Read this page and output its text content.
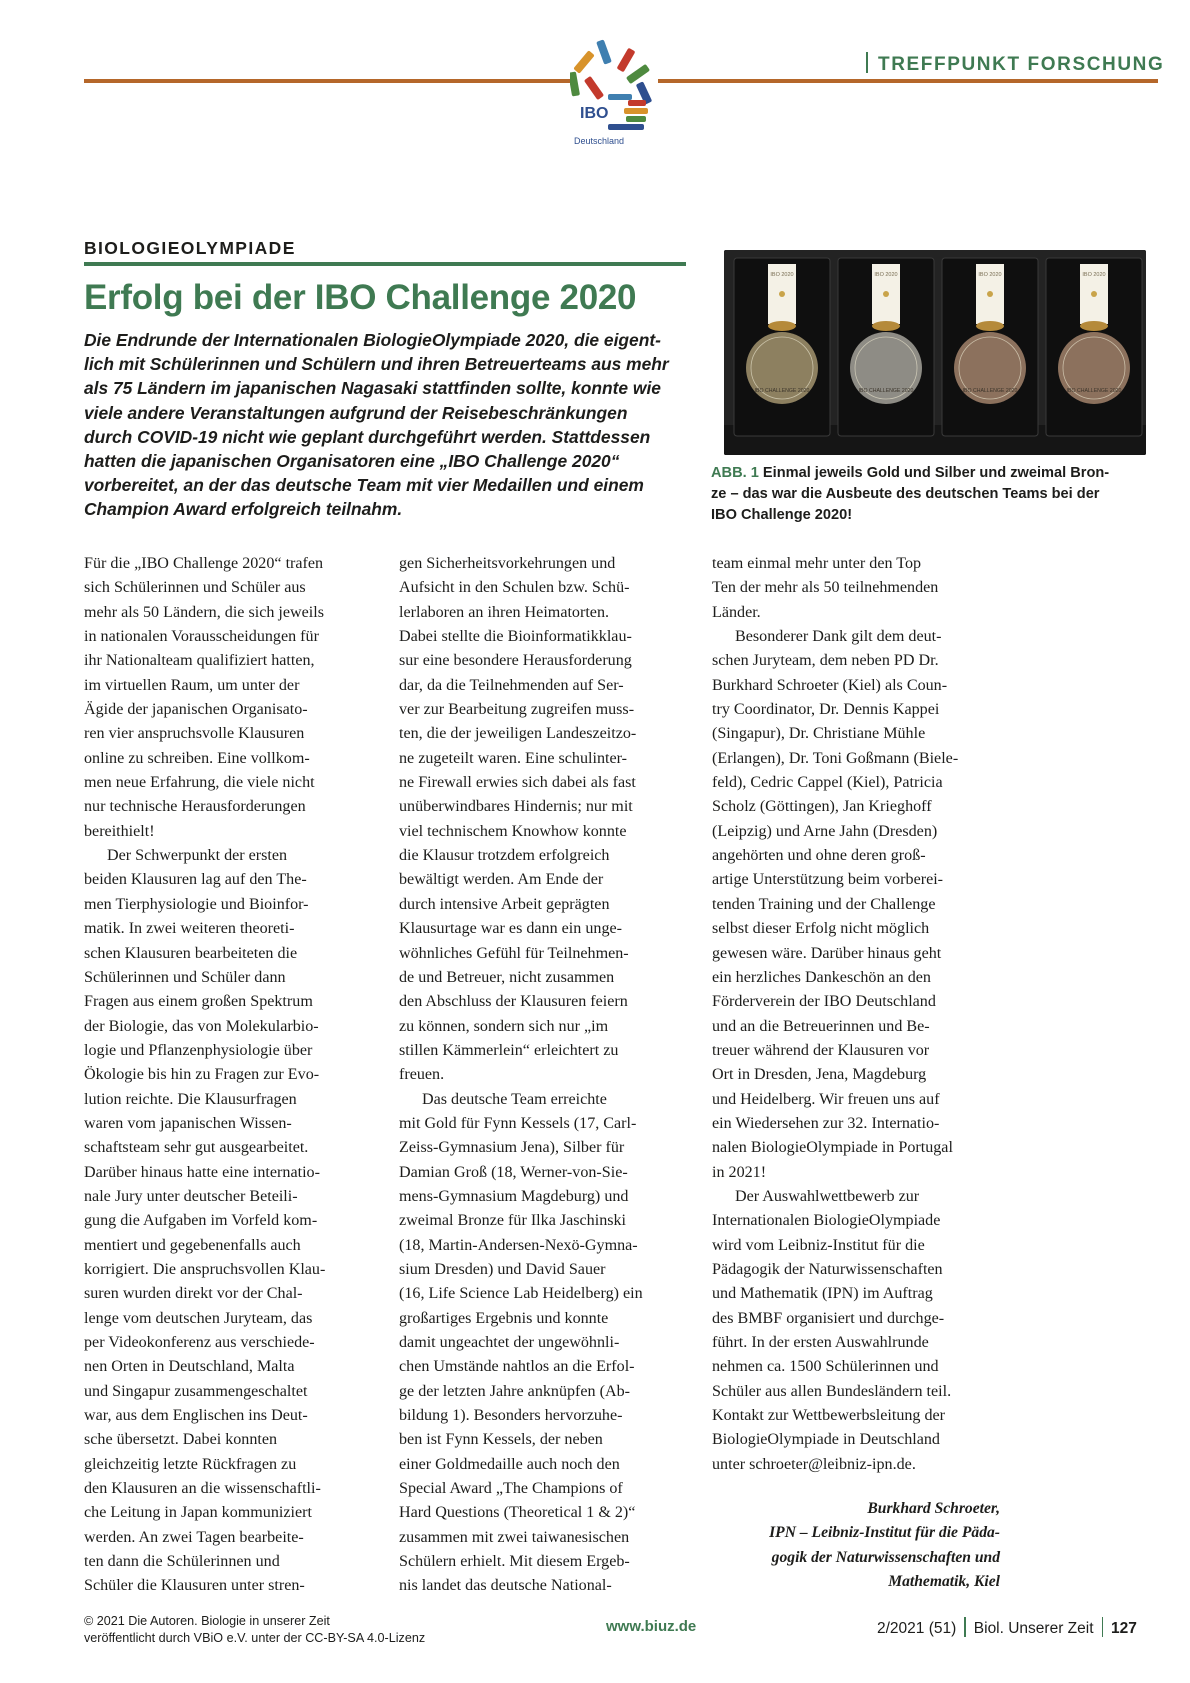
TREFFPUNKT FORSCHUNG
IBO
Deutschland
BIOLOGIEOLYMPIADE
Erfolg bei der IBO Challenge 2020
Die Endrunde der Internationalen BiologieOlympiade 2020, die eigent-
lich mit Schülerinnen und Schülern und ihren Betreuerteams aus mehr
als 75 Ländern im japanischen Nagasaki stattfinden sollte, konnte wie
viele andere Veranstaltungen aufgrund der Reisebeschränkungen
durch COVID-19 nicht wie geplant durchgeführt werden. Stattdessen
hatten die japanischen Organisatoren eine „IBO Challenge 2020“
vorbereitet, an der das deutsche Team mit vier Medaillen und einem
Champion Award erfolgreich teilnahm.
IBO 2020
IBO CHALLENGE 2020
IBO 2020
IBO CHALLENGE 2020
IBO 2020
IBO CHALLENGE 2020
IBO 2020
IBO CHALLENGE 2020
ABB. 1 Einmal jeweils Gold und Silber und zweimal Bron-
ze – das war die Ausbeute des deutschen Teams bei der
IBO Challenge 2020!
Für die „IBO Challenge 2020“ trafen
sich Schülerinnen und Schüler aus
mehr als 50 Ländern, die sich jeweils
in nationalen Vorausscheidungen für
ihr Nationalteam qualifiziert hatten,
im virtuellen Raum, um unter der
Ägide der japanischen Organisato-
ren vier anspruchsvolle Klausuren
online zu schreiben. Eine vollkom-
men neue Erfahrung, die viele nicht
nur technische Herausforderungen
bereithielt!
Der Schwerpunkt der ersten
beiden Klausuren lag auf den The-
men Tierphysiologie und Bioinfor-
matik. In zwei weiteren theoreti-
schen Klausuren bearbeiteten die
Schülerinnen und Schüler dann
Fragen aus einem großen Spektrum
der Biologie, das von Molekularbio-
logie und Pflanzenphysiologie über
Ökologie bis hin zu Fragen zur Evo-
lution reichte. Die Klausurfragen
waren vom japanischen Wissen-
schaftsteam sehr gut ausgearbeitet.
Darüber hinaus hatte eine internatio-
nale Jury unter deutscher Beteili-
gung die Aufgaben im Vorfeld kom-
mentiert und gegebenenfalls auch
korrigiert. Die anspruchsvollen Klau-
suren wurden direkt vor der Chal-
lenge vom deutschen Juryteam, das
per Videokonferenz aus verschiede-
nen Orten in Deutschland, Malta
und Singapur zusammengeschaltet
war, aus dem Englischen ins Deut-
sche übersetzt. Dabei konnten
gleichzeitig letzte Rückfragen zu
den Klausuren an die wissenschaftli-
che Leitung in Japan kommuniziert
werden. An zwei Tagen bearbeite-
ten dann die Schülerinnen und
Schüler die Klausuren unter stren-
gen Sicherheitsvorkehrungen und
Aufsicht in den Schulen bzw. Schü-
lerlaboren an ihren Heimatorten.
Dabei stellte die Bioinformatikklau-
sur eine besondere Herausforderung
dar, da die Teilnehmenden auf Ser-
ver zur Bearbeitung zugreifen muss-
ten, die der jeweiligen Landeszeitzo-
ne zugeteilt waren. Eine schulinter-
ne Firewall erwies sich dabei als fast
unüberwindbares Hindernis; nur mit
viel technischem Knowhow konnte
die Klausur trotzdem erfolgreich
bewältigt werden. Am Ende der
durch intensive Arbeit geprägten
Klausurtage war es dann ein unge-
wöhnliches Gefühl für Teilnehmen-
de und Betreuer, nicht zusammen
den Abschluss der Klausuren feiern
zu können, sondern sich nur „im
stillen Kämmerlein“ erleichtert zu
freuen.
Das deutsche Team erreichte
mit Gold für Fynn Kessels (17, Carl-
Zeiss-Gymnasium Jena), Silber für
Damian Groß (18, Werner-von-Sie-
mens-Gymnasium Magdeburg) und
zweimal Bronze für Ilka Jaschinski
(18, Martin-Andersen-Nexö-Gymna-
sium Dresden) und David Sauer
(16, Life Science Lab Heidelberg) ein
großartiges Ergebnis und konnte
damit ungeachtet der ungewöhnli-
chen Umstände nahtlos an die Erfol-
ge der letzten Jahre anknüpfen (Ab-
bildung 1). Besonders hervorzuhe-
ben ist Fynn Kessels, der neben
einer Goldmedaille auch noch den
Special Award „The Champions of
Hard Questions (Theoretical 1 & 2)“
zusammen mit zwei taiwanesischen
Schülern erhielt. Mit diesem Ergeb-
nis landet das deutsche National-
team einmal mehr unter den Top
Ten der mehr als 50 teilnehmenden
Länder.
Besonderer Dank gilt dem deut-
schen Juryteam, dem neben PD Dr.
Burkhard Schroeter (Kiel) als Coun-
try Coordinator, Dr. Dennis Kappei
(Singapur), Dr. Christiane Mühle
(Erlangen), Dr. Toni Goßmann (Biele-
feld), Cedric Cappel (Kiel), Patricia
Scholz (Göttingen), Jan Krieghoff
(Leipzig) und Arne Jahn (Dresden)
angehörten und ohne deren groß-
artige Unterstützung beim vorberei-
tenden Training und der Challenge
selbst dieser Erfolg nicht möglich
gewesen wäre. Darüber hinaus geht
ein herzliches Dankeschön an den
Förderverein der IBO Deutschland
und an die Betreuerinnen und Be-
treuer während der Klausuren vor
Ort in Dresden, Jena, Magdeburg
und Heidelberg. Wir freuen uns auf
ein Wiedersehen zur 32. Internatio-
nalen BiologieOlympiade in Portugal
in 2021!
Der Auswahlwettbewerb zur
Internationalen BiologieOlympiade
wird vom Leibniz-Institut für die
Pädagogik der Naturwissenschaften
und Mathematik (IPN) im Auftrag
des BMBF organisiert und durchge-
führt. In der ersten Auswahlrunde
nehmen ca. 1500 Schülerinnen und
Schüler aus allen Bundesländern teil.
Kontakt zur Wettbewerbsleitung der
BiologieOlympiade in Deutschland
unter schroeter@leibniz-ipn.de.
Burkhard Schroeter,
IPN – Leibniz-Institut für die Päda-
gogik der Naturwissenschaften und
Mathematik, Kiel
© 2021 Die Autoren. Biologie in unserer Zeit
veröffentlicht durch VBiO e.V. unter der CC-BY-SA 4.0-Lizenz
www.biuz.de	2/2021 (51) Biol. Unserer Zeit 127
